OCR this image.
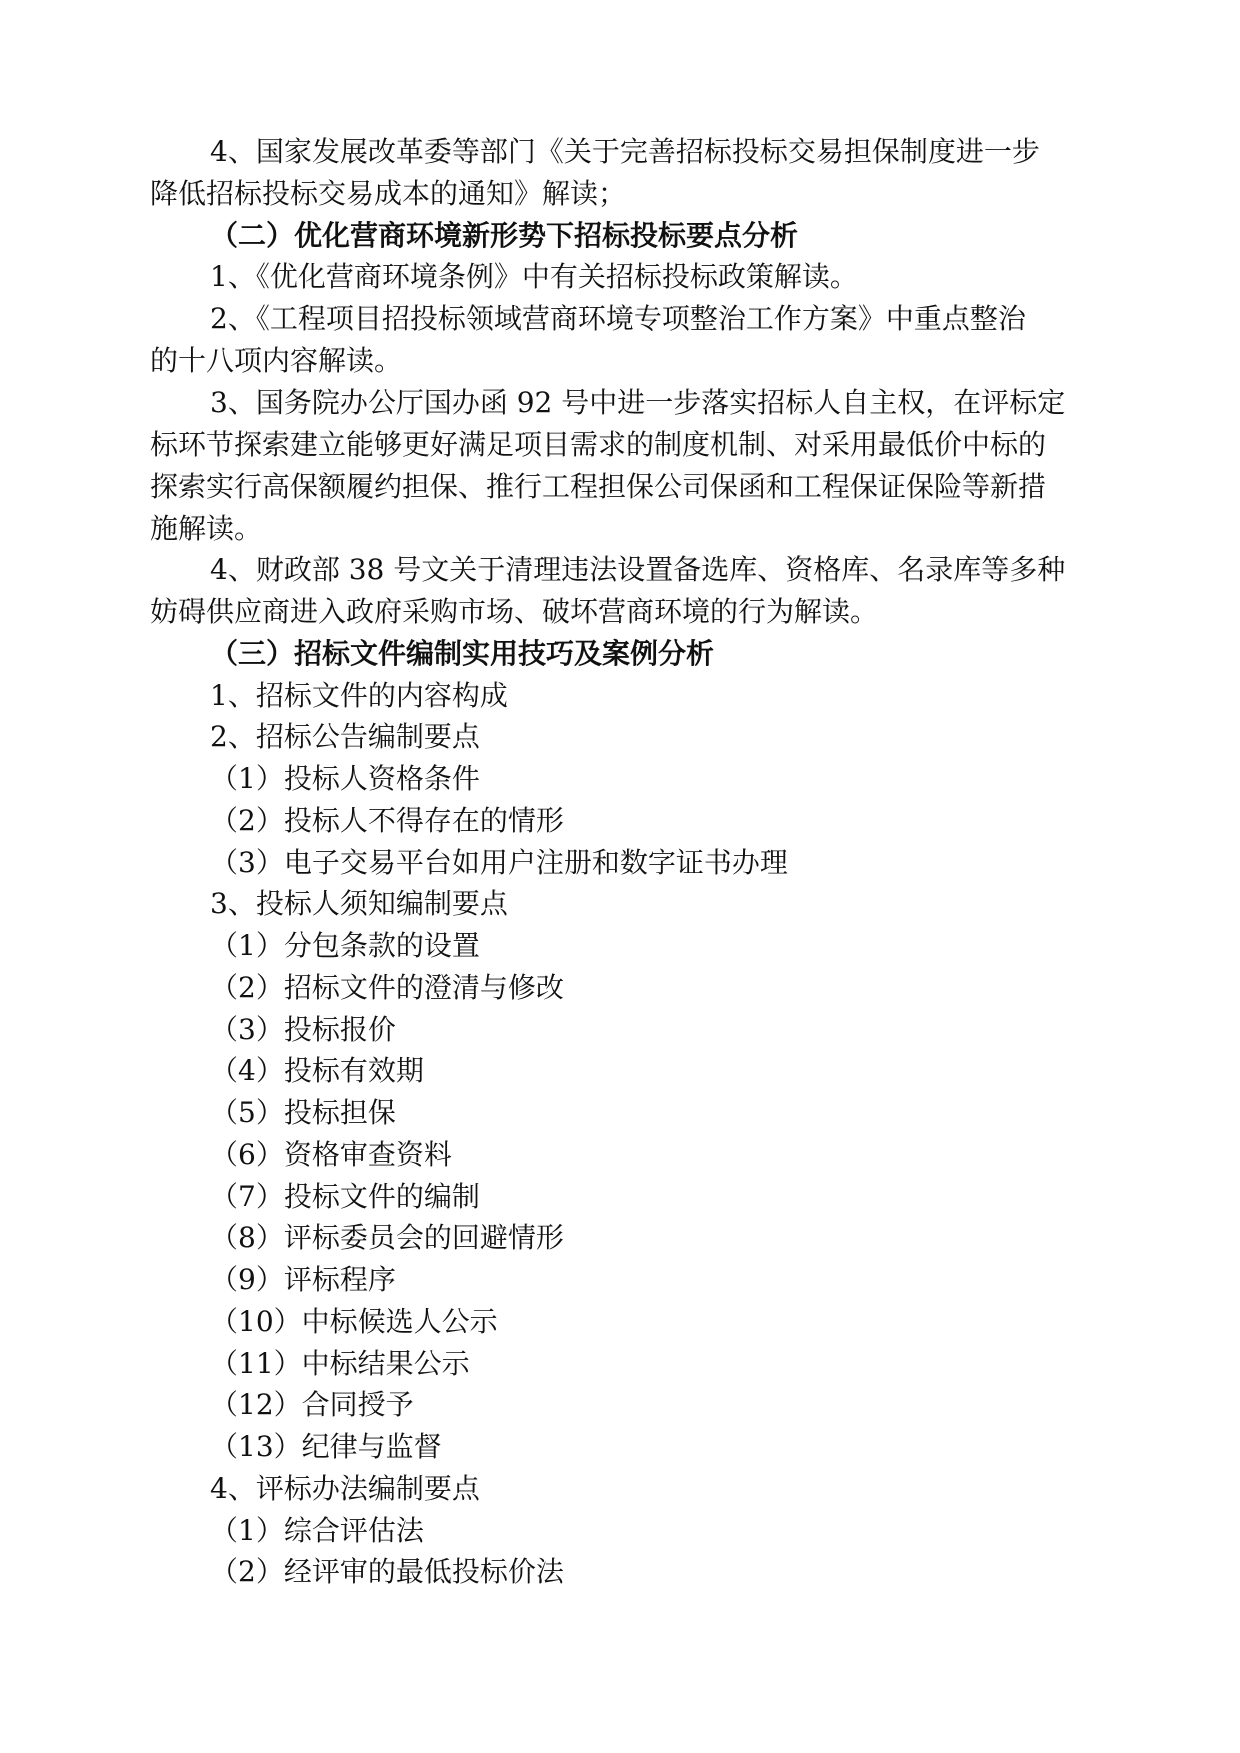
4、国家发展改革委等部门《关于完善招标投标交易担保制度进一步

降低招标投标交易成本的通知》解读；

（二）优化营商环境新形势下招标投标要点分析

1、《优化营商环境条例》中有关招标投标政策解读。

2、《工程项目招投标领域营商环境专项整治工作方案》中重点整治

的十八项内容解读。

3、国务院办公厅国办函 92 号中进一步落实招标人自主权，在评标定

标环节探索建立能够更好满足项目需求的制度机制、对采用最低价中标的

探索实行高保额履约担保、推行工程担保公司保函和工程保证保险等新措

施解读。

4、财政部 38 号文关于清理违法设置备选库、资格库、名录库等多种

妨碍供应商进入政府采购市场、破坏营商环境的行为解读。

（三）招标文件编制实用技巧及案例分析

1、招标文件的内容构成

2、招标公告编制要点

（1）投标人资格条件

（2）投标人不得存在的情形

（3）电子交易平台如用户注册和数字证书办理

3、投标人须知编制要点

（1）分包条款的设置

（2）招标文件的澄清与修改

（3）投标报价

（4）投标有效期

（5）投标担保

（6）资格审查资料

（7）投标文件的编制

（8）评标委员会的回避情形

（9）评标程序

（10）中标候选人公示

（11）中标结果公示

（12）合同授予

（13）纪律与监督

4、评标办法编制要点

（1）综合评估法

（2）经评审的最低投标价法
